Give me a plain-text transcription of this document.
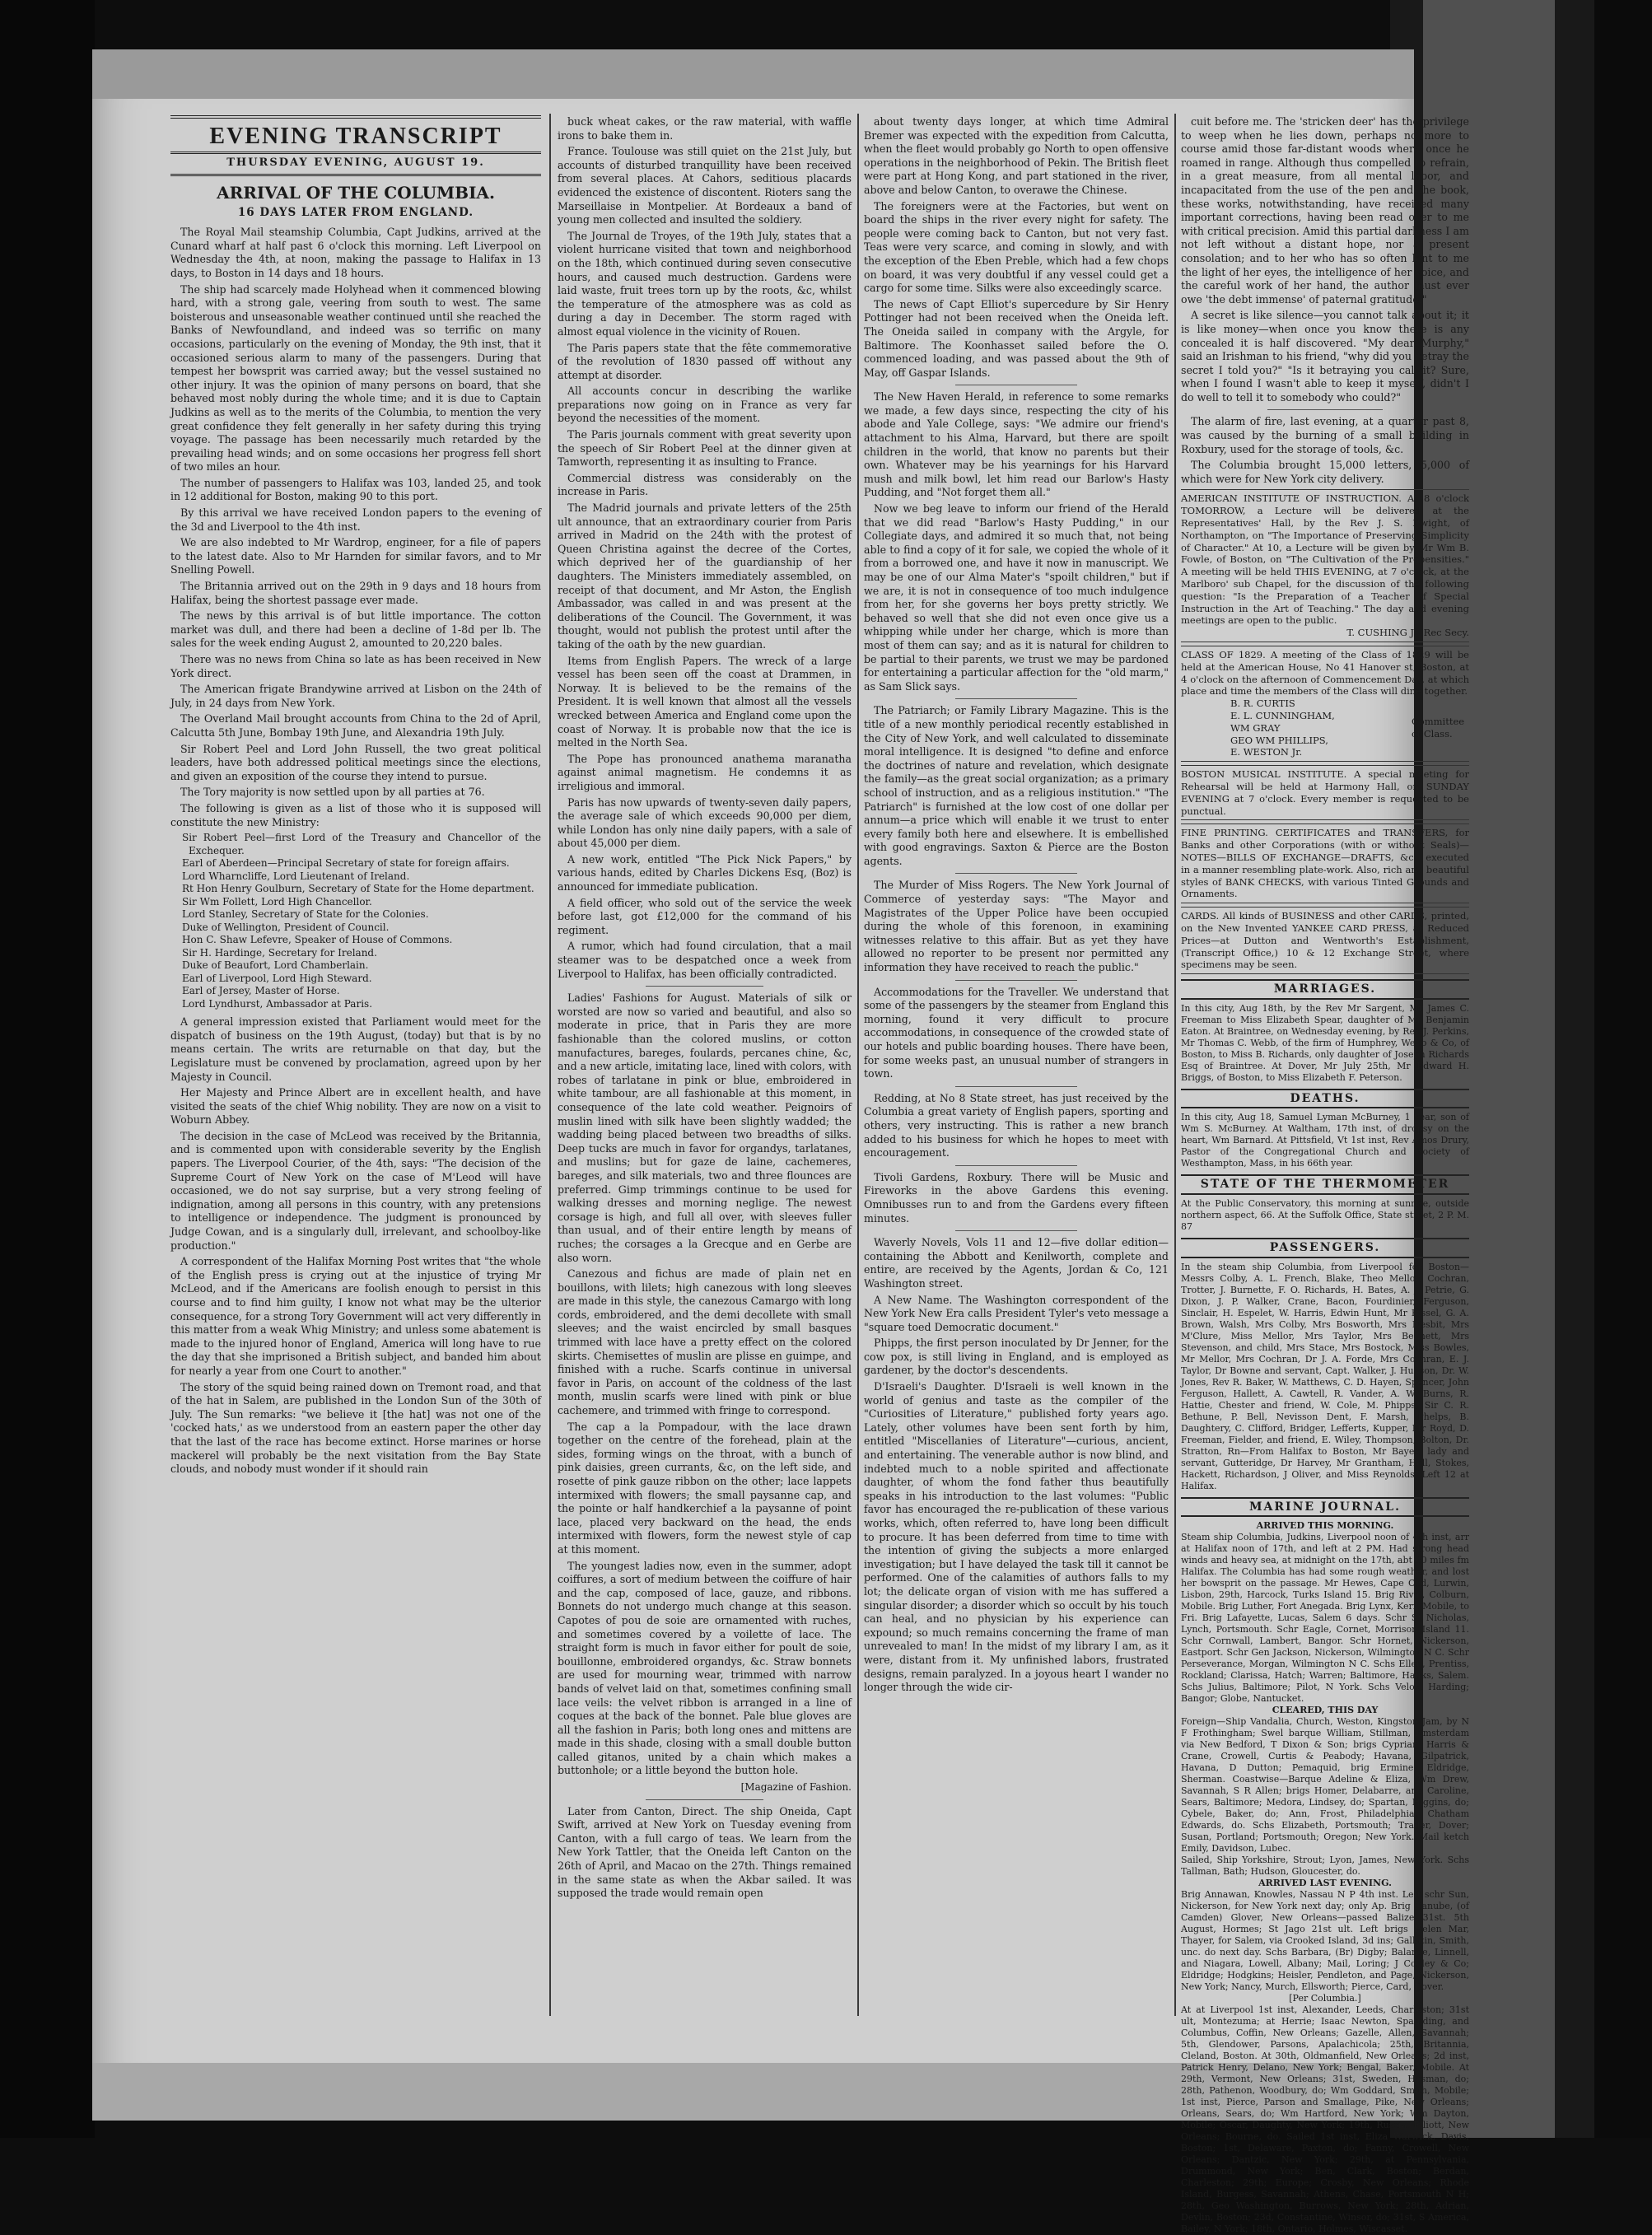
EVENING TRANSCRIPT
THURSDAY EVENING, AUGUST 19.
ARRIVAL OF THE COLUMBIA.
16 DAYS LATER FROM ENGLAND.

The Royal Mail steamship Columbia, Capt Judkins, arrived at the Cunard wharf at half past 6 o'clock this morning. Left Liverpool on Wednesday the 4th, at noon, making the passage to Halifax in 13 days, to Boston in 14 days and 18 hours.

The ship had scarcely made Holyhead when it commenced blowing hard, with a strong gale, veering from south to west. The same boisterous and unseasonable weather continued until she reached the Banks of Newfoundland, and indeed was so terrific on many occasions, particularly on the evening of Monday, the 9th inst, that it occasioned serious alarm to many of the passengers. During that tempest her bowsprit was carried away; but the vessel sustained no other injury. It was the opinion of many persons on board, that she behaved most nobly during the whole time; and it is due to Captain Judkins as well as to the merits of the Columbia, to mention the very great confidence they felt generally in her safety during this trying voyage. The passage has been necessarily much retarded by the prevailing head winds; and on some occasions her progress fell short of two miles an hour.

The number of passengers to Halifax was 103, landed 25, and took in 12 additional for Boston, making 90 to this port.

By this arrival we have received London papers to the evening of the 3d and Liverpool to the 4th inst.

We are also indebted to Mr Wardrop, engineer, for a file of papers to the latest date. Also to Mr Harnden for similar favors, and to Mr Snelling Powell.

The Britannia arrived out on the 29th in 9 days and 18 hours from Halifax, being the shortest passage ever made.

The news by this arrival is of but little importance. The cotton market was dull, and there had been a decline of 1-8d per lb. The sales for the week ending August 2, amounted to 20,220 bales.

There was no news from China so late as has been received in New York direct.

The American frigate Brandywine arrived at Lisbon on the 24th of July, in 24 days from New York.

The Overland Mail brought accounts from China to the 2d of April, Calcutta 5th June, Bombay 19th June, and Alexandria 19th July.

Sir Robert Peel and Lord John Russell, the two great political leaders, have both addressed political meetings since the elections, and given an exposition of the course they intend to pursue.

The Tory majority is now settled upon by all parties at 76.

The following is given as a list of those who it is supposed will constitute the new Ministry:

Sir Robert Peel—first Lord of the Treasury and Chancellor of the Exchequer.
Earl of Aberdeen—Principal Secretary of state for foreign affairs.
Lord Wharncliffe, Lord Lieutenant of Ireland.
Rt Hon Henry Goulburn, Secretary of State for the Home department.
Sir Wm Follett, Lord High Chancellor.
Lord Stanley, Secretary of State for the Colonies.
Duke of Wellington, President of Council.
Hon C. Shaw Lefevre, Speaker of House of Commons.
Sir H. Hardinge, Secretary for Ireland.
Duke of Beaufort, Lord Chamberlain.
Earl of Liverpool, Lord High Steward.
Earl of Jersey, Master of Horse.
Lord Lyndhurst, Ambassador at Paris.

A general impression existed that Parliament would meet for the dispatch of business on the 19th August, (today) but that is by no means certain. The writs are returnable on that day, but the Legislature must be convened by proclamation, agreed upon by her Majesty in Council.

Her Majesty and Prince Albert are in excellent health, and have visited the seats of the chief Whig nobility. They are now on a visit to Woburn Abbey.

The decision in the case of McLeod was received by the Britannia, and is commented upon with considerable severity by the English papers. The Liverpool Courier, of the 4th, says: "The decision of the Supreme Court of New York on the case of M'Leod will have occasioned, we do not say surprise, but a very strong feeling of indignation, among all persons in this country, with any pretensions to intelligence or independence. The judgment is pronounced by Judge Cowan, and is a singularly dull, irrelevant, and schoolboy-like production."

A correspondent of the Halifax Morning Post writes that "the whole of the English press is crying out at the injustice of trying Mr McLeod, and if the Americans are foolish enough to persist in this course and to find him guilty, I know not what may be the ulterior consequence, for a strong Tory Government will act very differently in this matter from a weak Whig Ministry; and unless some abatement is made to the injured honor of England, America will long have to rue the day that she imprisoned a British subject, and banded him about for nearly a year from one Court to another."

The story of the squid being rained down on Tremont road, and that of the hat in Salem, are published in the London Sun of the 30th of July. The Sun remarks: "we believe it [the hat] was not one of the 'cocked hats,' as we understood from an eastern paper the other day that the last of the race has become extinct. Horse marines or horse mackerel will probably be the next visitation from the Bay State clouds, and nobody must wonder if it should rain

buck wheat cakes, or the raw material, with waffle irons to bake them in.

France. Toulouse was still quiet on the 21st July, but accounts of disturbed tranquillity have been received from several places. At Cahors, seditious placards evidenced the existence of discontent. Rioters sang the Marseillaise in Montpelier. At Bordeaux a band of young men collected and insulted the soldiery.

The Journal de Troyes, of the 19th July, states that a violent hurricane visited that town and neighborhood on the 18th, which continued during seven consecutive hours, and caused much destruction. Gardens were laid waste, fruit trees torn up by the roots, &c, whilst the temperature of the atmosphere was as cold as during a day in December. The storm raged with almost equal violence in the vicinity of Rouen.

The Paris papers state that the fête commemorative of the revolution of 1830 passed off without any attempt at disorder.

All accounts concur in describing the warlike preparations now going on in France as very far beyond the necessities of the moment.

The Paris journals comment with great severity upon the speech of Sir Robert Peel at the dinner given at Tamworth, representing it as insulting to France.

Commercial distress was considerably on the increase in Paris.

The Madrid journals and private letters of the 25th ult announce, that an extraordinary courier from Paris arrived in Madrid on the 24th with the protest of Queen Christina against the decree of the Cortes, which deprived her of the guardianship of her daughters. The Ministers immediately assembled, on receipt of that document, and Mr Aston, the English Ambassador, was called in and was present at the deliberations of the Council. The Government, it was thought, would not publish the protest until after the taking of the oath by the new guardian.

Items from English Papers. The wreck of a large vessel has been seen off the coast at Drammen, in Norway. It is believed to be the remains of the President. It is well known that almost all the vessels wrecked between America and England come upon the coast of Norway. It is probable now that the ice is melted in the North Sea.

The Pope has pronounced anathema maranatha against animal magnetism. He condemns it as irreligious and immoral.

Paris has now upwards of twenty-seven daily papers, the average sale of which exceeds 90,000 per diem, while London has only nine daily papers, with a sale of about 45,000 per diem.

A new work, entitled "The Pick Nick Papers," by various hands, edited by Charles Dickens Esq, (Boz) is announced for immediate publication.

A field officer, who sold out of the service the week before last, got £12,000 for the command of his regiment.

A rumor, which had found circulation, that a mail steamer was to be despatched once a week from Liverpool to Halifax, has been officially contradicted.

Ladies' Fashions for August. Materials of silk or worsted are now so varied and beautiful, and also so moderate in price, that in Paris they are more fashionable than the colored muslins, or cotton manufactures, bareges, foulards, percanes chine, &c, and a new article, imitating lace, lined with colors, with robes of tarlatane in pink or blue, embroidered in white tambour, are all fashionable at this moment, in consequence of the late cold weather. Peignoirs of muslin lined with silk have been slightly wadded; the wadding being placed between two breadths of silks. Deep tucks are much in favor for organdys, tarlatanes, and muslins; but for gaze de laine, cachemeres, bareges, and silk materials, two and three flounces are preferred. Gimp trimmings continue to be used for walking dresses and morning neglige. The newest corsage is high, and full all over, with sleeves fuller than usual, and of their entire length by means of ruches; the corsages a la Grecque and en Gerbe are also worn.

Canezous and fichus are made of plain net en bouillons, with lilets; high canezous with long sleeves are made in this style, the canezous Camargo with long cords, embroidered, and the demi decollete with small sleeves; and the waist encircled by small basques trimmed with lace have a pretty effect on the colored skirts. Chemisettes of muslin are plisse en guimpe, and finished with a ruche. Scarfs continue in universal favor in Paris, on account of the coldness of the last month, muslin scarfs were lined with pink or blue cachemere, and trimmed with fringe to correspond.

The cap a la Pompadour, with the lace drawn together on the centre of the forehead, plain at the sides, forming wings on the throat, with a bunch of pink daisies, green currants, &c, on the left side, and rosette of pink gauze ribbon on the other; lace lappets intermixed with flowers; the small paysanne cap, and the pointe or half handkerchief a la paysanne of point lace, placed very backward on the head, the ends intermixed with flowers, form the newest style of cap at this moment.

The youngest ladies now, even in the summer, adopt coiffures, a sort of medium between the coiffure of hair and the cap, composed of lace, gauze, and ribbons. Bonnets do not undergo much change at this season. Capotes of pou de soie are ornamented with ruches, and sometimes covered by a voilette of lace. The straight form is much in favor either for poult de soie, bouillonne, embroidered organdys, &c. Straw bonnets are used for mourning wear, trimmed with narrow bands of velvet laid on that, sometimes confining small lace veils: the velvet ribbon is arranged in a line of coques at the back of the bonnet. Pale blue gloves are all the fashion in Paris; both long ones and mittens are made in this shade, closing with a small double button called gitanos, united by a chain which makes a buttonhole; or a little beyond the button hole.

[Magazine of Fashion.

Later from Canton, Direct. The ship Oneida, Capt Swift, arrived at New York on Tuesday evening from Canton, with a full cargo of teas. We learn from the New York Tattler, that the Oneida left Canton on the 26th of April, and Macao on the 27th. Things remained in the same state as when the Akbar sailed. It was supposed the trade would remain open

about twenty days longer, at which time Admiral Bremer was expected with the expedition from Calcutta, when the fleet would probably go North to open offensive operations in the neighborhood of Pekin. The British fleet were part at Hong Kong, and part stationed in the river, above and below Canton, to overawe the Chinese.

The foreigners were at the Factories, but went on board the ships in the river every night for safety. The people were coming back to Canton, but not very fast. Teas were very scarce, and coming in slowly, and with the exception of the Eben Preble, which had a few chops on board, it was very doubtful if any vessel could get a cargo for some time. Silks were also exceedingly scarce.

The news of Capt Elliot's supercedure by Sir Henry Pottinger had not been received when the Oneida left. The Oneida sailed in company with the Argyle, for Baltimore. The Koonhasset sailed before the O. commenced loading, and was passed about the 9th of May, off Gaspar Islands.

The New Haven Herald, in reference to some remarks we made, a few days since, respecting the city of his abode and Yale College, says: "We admire our friend's attachment to his Alma, Harvard, but there are spoilt children in the world, that know no parents but their own. Whatever may be his yearnings for his Harvard mush and milk bowl, let him read our Barlow's Hasty Pudding, and "Not forget them all."

Now we beg leave to inform our friend of the Herald that we did read "Barlow's Hasty Pudding," in our Collegiate days, and admired it so much that, not being able to find a copy of it for sale, we copied the whole of it from a borrowed one, and have it now in manuscript. We may be one of our Alma Mater's "spoilt children," but if we are, it is not in consequence of too much indulgence from her, for she governs her boys pretty strictly. We behaved so well that she did not even once give us a whipping while under her charge, which is more than most of them can say; and as it is natural for children to be partial to their parents, we trust we may be pardoned for entertaining a particular affection for the "old marm," as Sam Slick says.

The Patriarch; or Family Library Magazine. This is the title of a new monthly periodical recently established in the City of New York, and well calculated to disseminate moral intelligence. It is designed "to define and enforce the doctrines of nature and revelation, which designate the family—as the great social organization; as a primary school of instruction, and as a religious institution." "The Patriarch" is furnished at the low cost of one dollar per annum—a price which will enable it we trust to enter every family both here and elsewhere. It is embellished with good engravings. Saxton & Pierce are the Boston agents.

The Murder of Miss Rogers. The New York Journal of Commerce of yesterday says: "The Mayor and Magistrates of the Upper Police have been occupied during the whole of this forenoon, in examining witnesses relative to this affair. But as yet they have allowed no reporter to be present nor permitted any information they have received to reach the public."

Accommodations for the Traveller. We understand that some of the passengers by the steamer from England this morning, found it very difficult to procure accommodations, in consequence of the crowded state of our hotels and public boarding houses. There have been, for some weeks past, an unusual number of strangers in town.

Redding, at No 8 State street, has just received by the Columbia a great variety of English papers, sporting and others, very instructing. This is rather a new branch added to his business for which he hopes to meet with encouragement.

Tivoli Gardens, Roxbury. There will be Music and Fireworks in the above Gardens this evening. Omnibusses run to and from the Gardens every fifteen minutes.

Waverly Novels, Vols 11 and 12—five dollar edition—containing the Abbott and Kenilworth, complete and entire, are received by the Agents, Jordan & Co, 121 Washington street.

A New Name. The Washington correspondent of the New York New Era calls President Tyler's veto message a "square toed Democratic document."

Phipps, the first person inoculated by Dr Jenner, for the cow pox, is still living in England, and is employed as gardener, by the doctor's descendents.

D'Israeli's Daughter. D'Israeli is well known in the world of genius and taste as the compiler of the "Curiosities of Literature," published forty years ago. Lately, other volumes have been sent forth by him, entitled "Miscellanies of Literature"—curious, ancient, and entertaining. The venerable author is now blind, and indebted much to a noble spirited and affectionate daughter, of whom the fond father thus beautifully speaks in his introduction to the last volumes: "Public favor has encouraged the re-publication of these various works, which, often referred to, have long been difficult to procure. It has been deferred from time to time with the intention of giving the subjects a more enlarged investigation; but I have delayed the task till it cannot be performed. One of the calamities of authors falls to my lot; the delicate organ of vision with me has suffered a singular disorder; a disorder which so occult by his touch can heal, and no physician by his experience can expound; so much remains concerning the frame of man unrevealed to man! In the midst of my library I am, as it were, distant from it. My unfinished labors, frustrated designs, remain paralyzed. In a joyous heart I wander no longer through the wide cir-

cuit before me. The 'stricken deer' has the privilege to weep when he lies down, perhaps no more to course amid those far-distant woods where once he roamed in range. Although thus compelled to refrain, in a great measure, from all mental labor, and incapacitated from the use of the pen and the book, these works, notwithstanding, have received many important corrections, having been read over to me with critical precision. Amid this partial darkness I am not left without a distant hope, nor a present consolation; and to her who has so often lent to me the light of her eyes, the intelligence of her voice, and the careful work of her hand, the author must ever owe 'the debt immense' of paternal gratitude."

A secret is like silence—you cannot talk about it; it is like money—when once you know there is any concealed it is half discovered. "My dear Murphy," said an Irishman to his friend, "why did you betray the secret I told you?" "Is it betraying you call it? Sure, when I found I wasn't able to keep it myself, didn't I do well to tell it to somebody who could?"

The alarm of fire, last evening, at a quarter past 8, was caused by the burning of a small building in Roxbury, used for the storage of tools, &c.

The Columbia brought 15,000 letters, 5,000 of which were for New York city delivery.

AMERICAN INSTITUTE OF INSTRUCTION. At 8 o'clock TOMORROW, a Lecture will be delivered at the Representatives' Hall, by the Rev J. S. Dwight, of Northampton, on "The Importance of Preserving Simplicity of Character." At 10, a Lecture will be given by Mr Wm B. Fowle, of Boston, on "The Cultivation of the Propensities." A meeting will be held THIS EVENING, at 7 o'clock, at the Marlboro' sub Chapel, for the discussion of the following question: "Is the Preparation of a Teacher of Special Instruction in the Art of Teaching." The day and evening meetings are open to the public.
T. CUSHING Jr, Rec Secy.
CLASS OF 1829. A meeting of the Class of 1829 will be held at the American House, No 41 Hanover st, Boston, at 4 o'clock on the afternoon of Commencement Day, at which place and time the members of the Class will dine together.
B. R. CURTIS
E. L. CUNNINGHAM,
WM GRAY
GEO WM PHILLIPS,
E. WESTON Jr.
Committee of Class.
BOSTON MUSICAL INSTITUTE. A special meeting for Rehearsal will be held at Harmony Hall, on SUNDAY EVENING at 7 o'clock. Every member is requested to be punctual.
FINE PRINTING. CERTIFICATES and TRANSFERS, for Banks and other Corporations (with or without Seals)—NOTES—BILLS OF EXCHANGE—DRAFTS, &c., executed in a manner resembling plate-work. Also, rich and beautiful styles of BANK CHECKS, with various Tinted Grounds and Ornaments.
CARDS. All kinds of BUSINESS and other CARDS, printed, on the New Invented YANKEE CARD PRESS, at Reduced Prices—at Dutton and Wentworth's Establishment, (Transcript Office,) 10 & 12 Exchange Street, where specimens may be seen.
MARRIAGES.
In this city, Aug 18th, by the Rev Mr Sargent, Mr James C. Freeman to Miss Elizabeth Spear, daughter of Mr Benjamin Eaton. At Braintree, on Wednesday evening, by Rev J. Perkins, Mr Thomas C. Webb, of the firm of Humphrey, Webb & Co, of Boston, to Miss B. Richards, only daughter of Joseph Richards Esq of Braintree. At Dover, Mr July 25th, Mr Edward H. Briggs, of Boston, to Miss Elizabeth F. Peterson.
DEATHS.
In this city, Aug 18, Samuel Lyman McBurney, 1 year, son of Wm S. McBurney. At Waltham, 17th inst, of dropsy on the heart, Wm Barnard. At Pittsfield, Vt 1st inst, Rev Amos Drury, Pastor of the Congregational Church and Society of Westhampton, Mass, in his 66th year.
STATE OF THE THERMOMETER
At the Public Conservatory, this morning at sunrise, outside northern aspect, 66. At the Suffolk Office, State street, 2 P. M. 87
PASSENGERS.
In the steam ship Columbia, from Liverpool for Boston—Messrs Colby, A. L. French, Blake, Theo Mellor, Cochran, Trotter, J. Burnette, F. O. Richards, H. Bates, A. J. Petrie, G. Dixon, J. P. Walker, Crane, Bacon, Fourdinier, Ferguson, Sinclair, H. Espelet, W. Harris, Edwin Hunt, Mr Kissel, G. A. Brown, Walsh, Mrs Colby, Mrs Bosworth, Mrs Nesbit, Mrs M'Clure, Miss Mellor, Mrs Taylor, Mrs Bennett, Mrs Stevenson, and child, Mrs Stace, Mrs Bostock, Miss Bowles, Mr Mellor, Mrs Cochran, Dr J. A. Forde, Mrs Cochran, E. J. Taylor, Dr Bowne and servant, Capt. Walker, J. Hudson, Dr. W. Jones, Rev R. Baker, W. Matthews, C. D. Hayen, Spencer, John Ferguson, Hallett, A. Cawtell, R. Vander, A. W. Burns, R. Hattie, Chester and friend, W. Cole, M. Phipps, Sir C. R. Bethune, P. Bell, Nevisson Dent, F. Marsh, Phelps, B. Daughtery, C. Clifford, Bridger, Lefferts, Kupper, Mr Royd, D. Freeman, Fielder, and friend, E. Wiley, Thompson, Bolton, Dr. Stratton, Rn—From Halifax to Boston, Mr Bayes, lady and servant, Gutteridge, Dr Harvey, Mr Grantham, Hall, Stokes, Hackett, Richardson, J Oliver, and Miss Reynolds. Left 12 at Halifax.
MARINE JOURNAL.
ARRIVED THIS MORNING.
Steam ship Columbia, Judkins, Liverpool noon of 4th inst, arr at Halifax noon of 17th, and left at 2 PM. Had strong head winds and heavy sea, at midnight on the 17th, abt 60 miles fm Halifax. The Columbia has had some rough weather, and lost her bowsprit on the passage. Mr Hewes, Cape Cod, Lurwin, Lisbon, 29th, Harcock, Turks Island 15. Brig Rival, Colburn, Mobile. Brig Luther, Fort Anegada. Brig Lynx, Kerr, Mobile, to Fri. Brig Lafayette, Lucas, Salem 6 days. Schr St Nicholas, Lynch, Portsmouth. Schr Eagle, Cornet, Morrison Island 11. Schr Cornwall, Lambert, Bangor. Schr Hornet, Nickerson, Eastport. Schr Gen Jackson, Nickerson, Wilmington N C. Schr Perseverance, Morgan, Wilmington N C. Schs Ellen, Prentiss, Rockland; Clarissa, Hatch; Warren; Baltimore, Hanks, Salem. Schs Julius, Baltimore; Pilot, N York. Schs Velox, Harding; Bangor; Globe, Nantucket.
CLEARED, THIS DAY
Foreign—Ship Vandalia, Church, Weston, Kingston Jam, by N F Frothingham; Swel barque William, Stillman, Amsterdam via New Bedford, T Dixon & Son; brigs Cyprian, Harris & Crane, Crowell, Curtis & Peabody; Havana, Gilpatrick, Havana, D Dutton; Pemaquid, brig Ermine, Eldridge, Sherman. Coastwise—Barque Adeline & Eliza, Wm Drew, Savannah, S R Allen; brigs Homer, Delabarre, and Caroline, Sears, Baltimore; Medora, Lindsey, do; Spartan, Higgins, do; Cybele, Baker, do; Ann, Frost, Philadelphia; Chatham Edwards, do. Schs Elizabeth, Portsmouth; Trader, Dover; Susan, Portland; Portsmouth; Oregon; New York. Mail ketch Emily, Davidson, Lubec.
Sailed, Ship Yorkshire, Strout; Lyon, James, New York. Schs Tallman, Bath; Hudson, Gloucester, do.
ARRIVED LAST EVENING.
Brig Annawan, Knowles, Nassau N P 4th inst. Left schr Sun, Nickerson, for New York next day; only Ap. Brig Danube, (of Camden) Glover, New Orleans—passed Balize 31st. 5th August, Hormes; St Jago 21st ult. Left brigs Helen Mar, Thayer, for Salem, via Crooked Island, 3d ins; Gallatin, Smith, unc. do next day. Schs Barbara, (Br) Digby; Balance, Linnell, and Niagara, Lowell, Albany; Mail, Loring; J Cooley & Co; Eldridge; Hodgkins; Heisler, Pendleton, and Page, Nickerson, New York; Nancy, Murch, Ellsworth; Pierce, Card, Dover.
[Per Columbia.]
At at Liverpool 1st inst, Alexander, Leeds, Charleston; 31st ult, Montezuma; at Herrie; Isaac Newton, Spaulding, and Columbus, Coffin, New Orleans; Gazelle, Allen, Savannah; 5th, Glendower, Parsons, Apalachicola; 25th, Britannia, Cleland, Boston. At 30th, Oldmanfield, New Orleans; 2d inst, Patrick Henry, Delano, New York; Bengal, Baker, Mobile. At 29th, Vermont, New Orleans; 31st, Sweden, Hosman, do; 28th, Pathenon, Woodbury, do; Wm Goddard, Smith, Mobile; 1st inst, Pierce, Parson and Smallage, Pike, New Orleans; Orleans, Sears, do; Wm Hartford, New York; Wm Dayton, Mobile; Oscar, Daughty, New York; 19th, Russia, Elliott, New Orleans; Bourne, do. Sailed 1st inst, Eliza Warwick, Davis, Boston; 1st, Delaware, Paxton, do; Fanny, Crowell, New Orleans; Dantzic, New York; 29th, at Pennsylvania, Drummond, New York; Ben, Clark, Boston; Berdan, Charleston; 29th; Europe; Crosby, New Orleans; Rhode Island, Burgess, Savannah; Athens, Chase, Portsmouth N H; 28th, Geo Washington, Burrows, New York; 28th, Adrian, Devlin, Boston; 23d, Constantine, Winsor, do; 31st, S America, Bailey, N York; 18th, Ontario, Holmes, Wiscasset.
